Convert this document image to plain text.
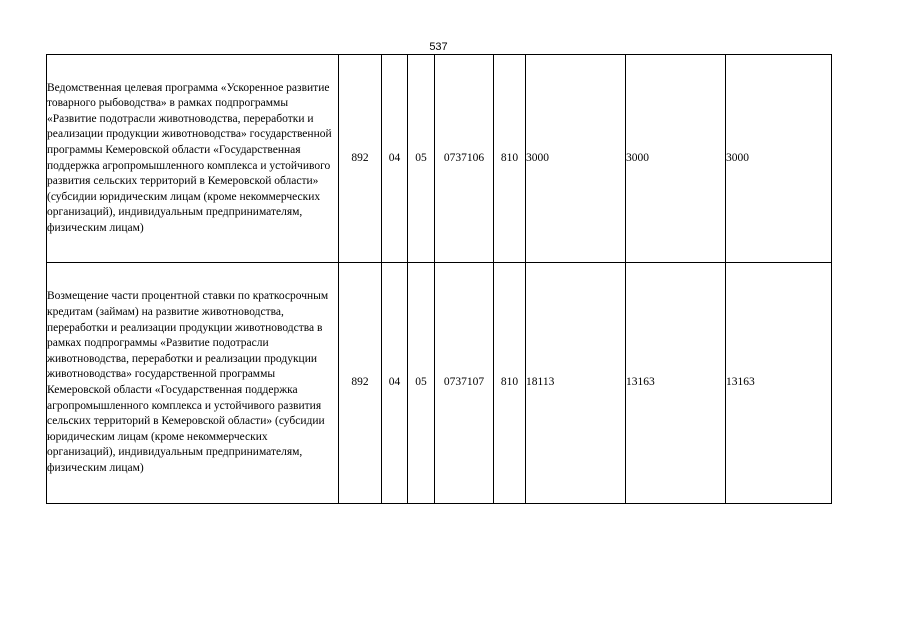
537
Ведомственная целевая программа «Ускоренное развитие товарного рыбоводства» в рамках подпрограммы «Развитие подотрасли животноводства, переработки и реализации продукции животноводства» государственной программы Кемеровской области «Государственная поддержка агропромышленного комплекса и устойчивого развития сельских территорий в Кемеровской области» (субсидии юридическим лицам (кроме некоммерческих организаций), индивидуальным предпринимателям, физическим лицам)	892	04	05	0737106	810	3000	3000	3000
Возмещение части процентной ставки по краткосрочным кредитам (займам) на развитие животноводства, переработки и реализации продукции животноводства в рамках подпрограммы «Развитие подотрасли животноводства, переработки и реализации продукции животноводства» государственной программы Кемеровской области «Государственная поддержка агропромышленного комплекса и устойчивого развития сельских территорий в Кемеровской области» (субсидии юридическим лицам (кроме некоммерческих организаций), индивидуальным предпринимателям, физическим лицам)	892	04	05	0737107	810	18113	13163	13163
